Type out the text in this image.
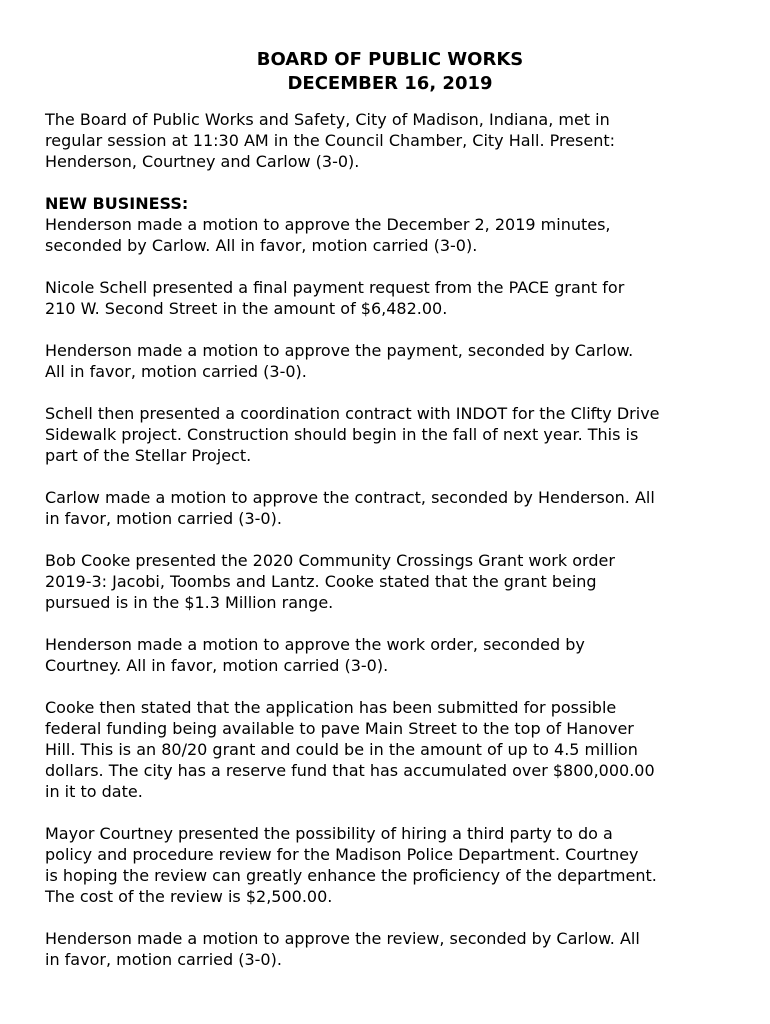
BOARD OF PUBLIC WORKS
DECEMBER 16, 2019

The Board of Public Works and Safety, City of Madison, Indiana, met in
regular session at 11:30 AM in the Council Chamber, City Hall. Present:
Henderson, Courtney and Carlow (3-0).

NEW BUSINESS:

Henderson made a motion to approve the December 2, 2019 minutes,
seconded by Carlow. All in favor, motion carried (3-0).

Nicole Schell presented a final payment request from the PACE grant for
210 W. Second Street in the amount of $6,482.00.

Henderson made a motion to approve the payment, seconded by Carlow.
All in favor, motion carried (3-0).

Schell then presented a coordination contract with INDOT for the Clifty Drive
Sidewalk project. Construction should begin in the fall of next year. This is
part of the Stellar Project.

Carlow made a motion to approve the contract, seconded by Henderson. All
in favor, motion carried (3-0).

Bob Cooke presented the 2020 Community Crossings Grant work order
2019-3: Jacobi, Toombs and Lantz. Cooke stated that the grant being
pursued is in the $1.3 Million range.

Henderson made a motion to approve the work order, seconded by
Courtney. All in favor, motion carried (3-0).

Cooke then stated that the application has been submitted for possible
federal funding being available to pave Main Street to the top of Hanover
Hill. This is an 80/20 grant and could be in the amount of up to 4.5 million
dollars. The city has a reserve fund that has accumulated over $800,000.00
in it to date.

Mayor Courtney presented the possibility of hiring a third party to do a
policy and procedure review for the Madison Police Department. Courtney
is hoping the review can greatly enhance the proficiency of the department.
The cost of the review is $2,500.00.

Henderson made a motion to approve the review, seconded by Carlow. All
in favor, motion carried (3-0).
